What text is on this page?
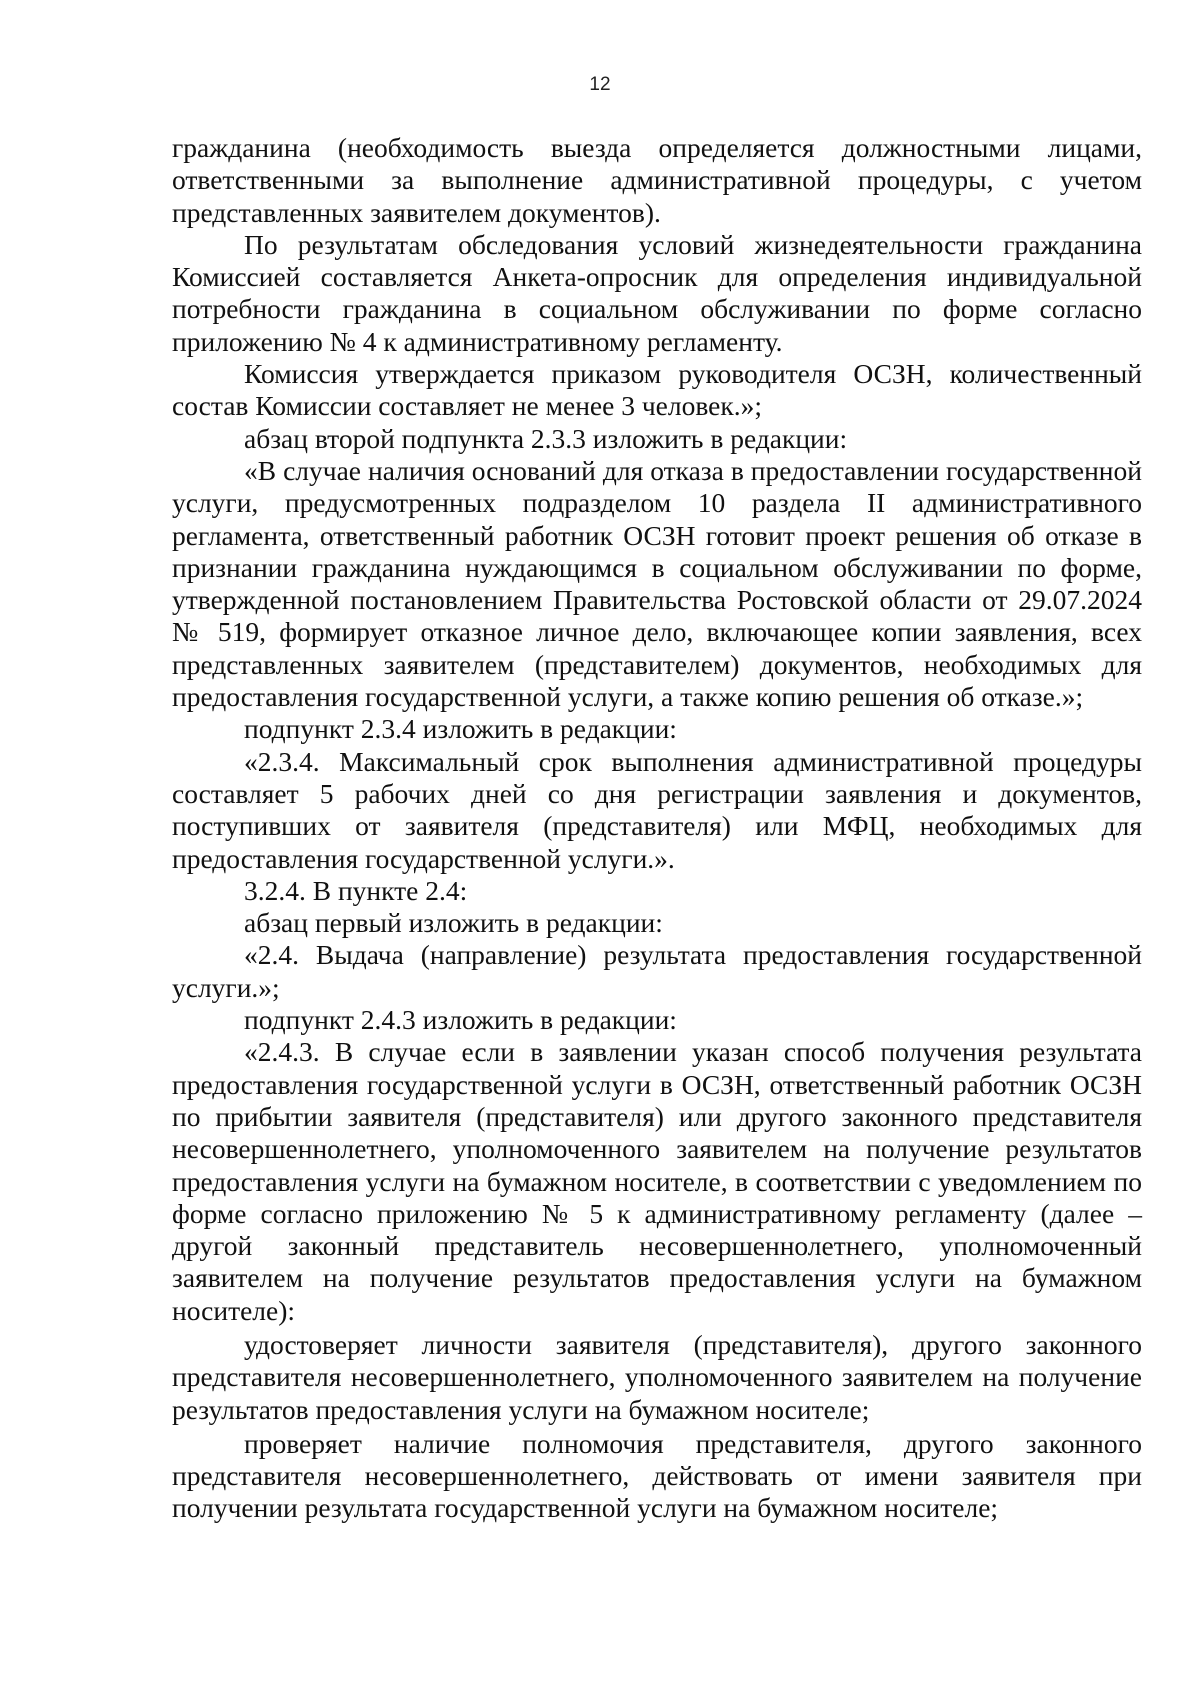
12

гражданина (необходимость выезда определяется должностными лицами, ответственными за выполнение административной процедуры, с учетом представленных заявителем документов).

По результатам обследования условий жизнедеятельности гражданина Комиссией составляется Анкета-опросник для определения индивидуальной потребности гражданина в социальном обслуживании по форме согласно приложению № 4 к административному регламенту.

Комиссия утверждается приказом руководителя ОСЗН, количественный состав Комиссии составляет не менее 3 человек.»;

абзац второй подпункта 2.3.3 изложить в редакции:

«В случае наличия оснований для отказа в предоставлении государственной услуги, предусмотренных подразделом 10 раздела II административного регламента, ответственный работник ОСЗН готовит проект решения об отказе в признании гражданина нуждающимся в социальном обслуживании по форме, утвержденной постановлением Правительства Ростовской области от 29.07.2024 № 519, формирует отказное личное дело, включающее копии заявления, всех представленных заявителем (представителем) документов, необходимых для предоставления государственной услуги, а также копию решения об отказе.»;

подпункт 2.3.4 изложить в редакции:

«2.3.4. Максимальный срок выполнения административной процедуры составляет 5 рабочих дней со дня регистрации заявления и документов, поступивших от заявителя (представителя) или МФЦ, необходимых для предоставления государственной услуги.».

3.2.4. В пункте 2.4:

абзац первый изложить в редакции:

«2.4. Выдача (направление) результата предоставления государственной услуги.»;

подпункт 2.4.3 изложить в редакции:

«2.4.3. В случае если в заявлении указан способ получения результата предоставления государственной услуги в ОСЗН, ответственный работник ОСЗН по прибытии заявителя (представителя) или другого законного представителя несовершеннолетнего, уполномоченного заявителем на получение результатов предоставления услуги на бумажном носителе, в соответствии с уведомлением по форме согласно приложению № 5 к административному регламенту (далее – другой законный представитель несовершеннолетнего, уполномоченный заявителем на получение результатов предоставления услуги на бумажном носителе):

удостоверяет личности заявителя (представителя), другого законного представителя несовершеннолетнего, уполномоченного заявителем на получение результатов предоставления услуги на бумажном носителе;

проверяет наличие полномочия представителя, другого законного представителя несовершеннолетнего, действовать от имени заявителя при получении результата государственной услуги на бумажном носителе;
